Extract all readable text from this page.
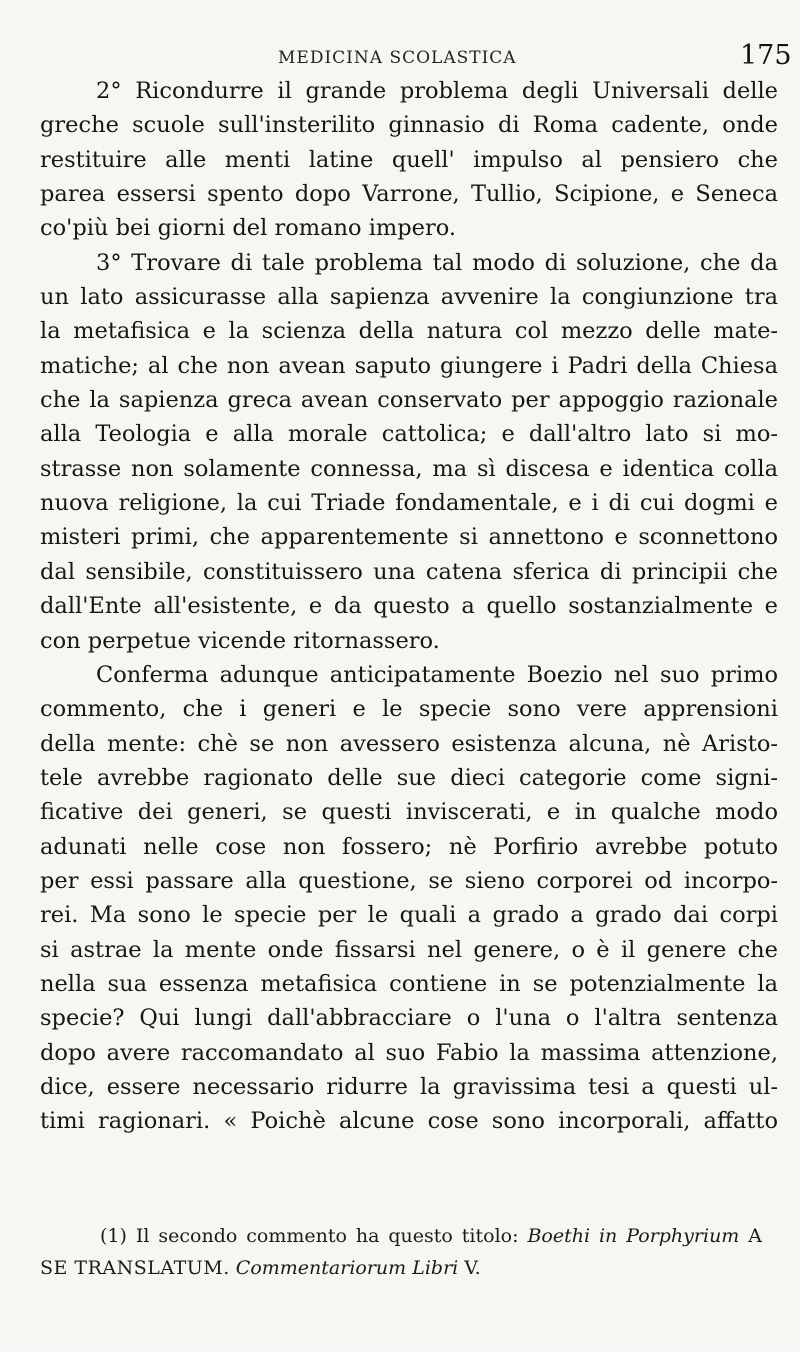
MEDICINA SCOLASTICA	175
2° Ricondurre il grande problema degli Universali delle
greche scuole sull'insterilito ginnasio di Roma cadente, onde
restituire alle menti latine quell' impulso al pensiero che
parea essersi spento dopo Varrone, Tullio, Scipione, e Seneca
co'più bei giorni del romano impero.
3° Trovare di tale problema tal modo di soluzione, che da
un lato assicurasse alla sapienza avvenire la congiunzione tra
la metafisica e la scienza della natura col mezzo delle mate-
matiche; al che non avean saputo giungere i Padri della Chiesa
che la sapienza greca avean conservato per appoggio razionale
alla Teologia e alla morale cattolica; e dall'altro lato si mo-
strasse non solamente connessa, ma sì discesa e identica colla
nuova religione, la cui Triade fondamentale, e i di cui dogmi e
misteri primi, che apparentemente si annettono e sconnettono
dal sensibile, constituissero una catena sferica di principii che
dall'Ente all'esistente, e da questo a quello sostanzialmente e
con perpetue vicende ritornassero.
Conferma adunque anticipatamente Boezio nel suo primo
commento, che i generi e le specie sono vere apprensioni
della mente: chè se non avessero esistenza alcuna, nè Aristo-
tele avrebbe ragionato delle sue dieci categorie come signi-
ficative dei generi, se questi inviscerati, e in qualche modo
adunati nelle cose non fossero; nè Porfirio avrebbe potuto
per essi passare alla questione, se sieno corporei od incorpo-
rei. Ma sono le specie per le quali a grado a grado dai corpi
si astrae la mente onde fissarsi nel genere, o è il genere che
nella sua essenza metafisica contiene in se potenzialmente la
specie? Qui lungi dall'abbracciare o l'una o l'altra sentenza
dopo avere raccomandato al suo Fabio la massima attenzione,
dice, essere necessario ridurre la gravissima tesi a questi ul-
timi ragionari. « Poichè alcune cose sono incorporali, affatto
(1) Il secondo commento ha questo titolo: Boethi in Porphyrium A
SE TRANSLATUM. Commentariorum Libri V.
